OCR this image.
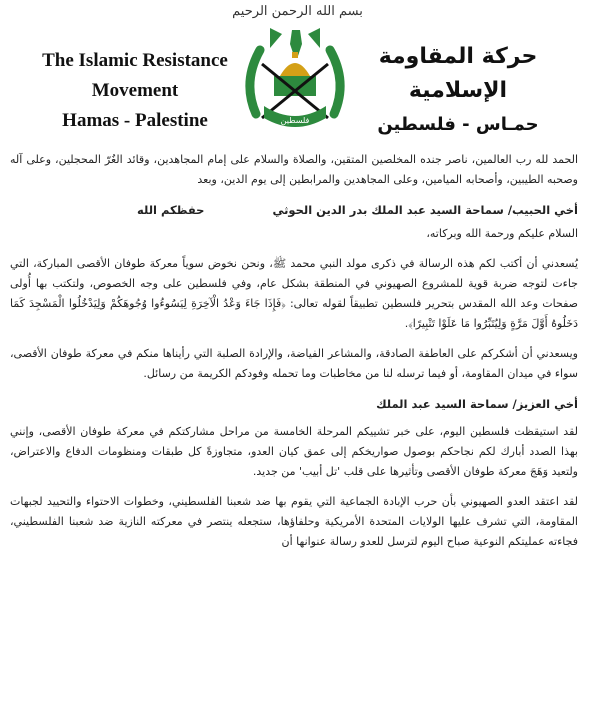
بسم الله الرحمن الرحيم
The Islamic Resistance Movement
Hamas - Palestine	فلسطين
حركة المقاومة الإسلامية
حمـاس - فلسطين

الحمد لله رب العالمين، ناصر جنده المخلصين المتقين، والصلاة والسلام على إمام المجاهدين، وقائد الغُرّ المحجلين، وعلى آله وصحبه الطيبين، وأصحابه الميامين، وعلى المجاهدين والمرابطين إلى يوم الدين، وبعد

أخي الحبيب/ سماحة السيد عبد الملك بدر الدين الحوثي  حفظكم الله

السلام عليكم ورحمة الله وبركاته،

يُسعدني أن أكتب لكم هذه الرسالة في ذكرى مولد النبي محمد ﷺ، ونحن نخوض سوياً معركة طوفان الأقصى المباركة، التي جاءت لتوجه ضربة قوية للمشروع الصهيوني في المنطقة بشكل عام، وفي فلسطين على وجه الخصوص، ولتكتب بها أُولى صفحات وعد الله المقدس بتحرير فلسطين تطبيقاً لقوله تعالى: ﴿فَإِذَا جَاءَ وَعْدُ الْآخِرَةِ لِيَسُوءُوا وُجُوهَكُمْ وَلِيَدْخُلُوا الْمَسْجِدَ كَمَا دَخَلُوهُ أَوَّلَ مَرَّةٍ وَلِيُتَبِّرُوا مَا عَلَوْا تَتْبِيرًا﴾.

ويسعدني أن أشكركم على العاطفة الصادقة، والمشاعر الفياضة، والإرادة الصلبة التي رأيناها منكم في معركة طوفان الأقصى، سواء في ميدان المقاومة، أو فيما ترسله لنا من مخاطبات وما تحمله وفودكم الكريمة من رسائل.

أخي العزيز/ سماحة السيد عبد الملك

لقد استيقظت فلسطين اليوم، على خبر تشييكم المرحلة الخامسة من مراحل مشاركتكم في معركة طوفان الأقصى، وإنني بهذا الصدد أبارك لكم نجاحكم بوصول صواريخكم إلى عمق كيان العدو، متجاوزةً كل طبقات ومنظومات الدفاع والاعتراض، ولتعيد وَهَجَ معركة طوفان الأقصى وتأثيرها على قلب 'تل أبيب' من جديد.

لقد اعتقد العدو الصهيوني بأن حرب الإبادة الجماعية التي يقوم بها ضد شعبنا الفلسطيني، وخطوات الاحتواء والتحييد لجبهات المقاومة، التي تشرف عليها الولايات المتحدة الأمريكية وحلفاؤها، ستجعله ينتصر في معركته النازية ضد شعبنا الفلسطيني، فجاءته عمليتكم النوعية صباح اليوم لترسل للعدو رسالة عنوانها أن
